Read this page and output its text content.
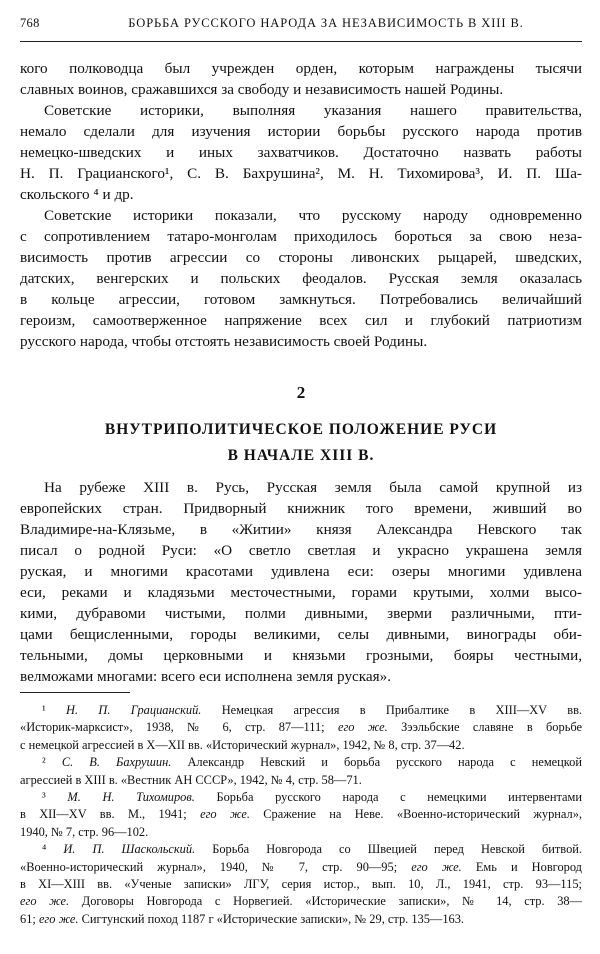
768	БОРЬБА РУССКОГО НАРОДА ЗА НЕЗАВИСИМОСТЬ В XIII В.
кого полководца был учрежден орден, которым награждены тысячи
славных воинов, сражавшихся за свободу и независимость нашей Родины.
Советские историки, выполняя указания нашего правительства,
немало сделали для изучения истории борьбы русского народа против
немецко-шведских и иных захватчиков. Достаточно назвать работы
Н. П. Грацианского¹, С. В. Бахрушина², М. Н. Тихомирова³, И. П. Ша-
скольского ⁴ и др.
Советские историки показали, что русскому народу одновременно
с сопротивлением татаро-монголам приходилось бороться за свою неза-
висимость против агрессии со стороны ливонских рыцарей, шведских,
датских, венгерских и польских феодалов. Русская земля оказалась
в кольце агрессии, готовом замкнуться. Потребовались величайший
героизм, самоотверженное напряжение всех сил и глубокий патриотизм
русского народа, чтобы отстоять независимость своей Родины.
2
ВНУТРИПОЛИТИЧЕСКОЕ ПОЛОЖЕНИЕ РУСИ
В НАЧАЛЕ XIII В.
На рубеже XIII в. Русь, Русская земля была самой крупной из
европейских стран. Придворный книжник того времени, живший во
Владимире-на-Клязьме, в «Житии» князя Александра Невского так
писал о родной Руси: «О светло светлая и украсно украшена земля
руская, и многими красотами удивлена еси: озеры многими удивлена
еси, реками и кладязьми месточестными, горами крутыми, холми высо-
кими, дубравоми чистыми, полми дивными, зверми различными, пти-
цами бещисленными, городы великими, селы дивными, винограды оби-
тельными, домы церковными и князьми грозными, бояры честными,
велможами многами: всего еси исполнена земля руская».
¹ Н. П. Грацианский. Немецкая агрессия в Прибалтике в XIII—XV вв.
«Историк-марксист», 1938, № 6, стр. 87—111; его же. Зээльбские славяне в борьбе
с немецкой агрессией в X—XII вв. «Исторический журнал», 1942, № 8, стр. 37—42.
² С. В. Бахрушин. Александр Невский и борьба русского народа с немецкой
агрессией в XIII в. «Вестник АН СССР», 1942, № 4, стр. 58—71.
³ М. Н. Тихомиров. Борьба русского народа с немецкими интервентами
в XII—XV вв. М., 1941; его же. Сражение на Неве. «Военно-исторический журнал»,
1940, № 7, стр. 96—102.
⁴ И. П. Шаскольский. Борьба Новгорода со Швецией перед Невской битвой.
«Военно-исторический журнал», 1940, № 7, стр. 90—95; его же. Емь и Новгород
в XI—XIII вв. «Ученые записки» ЛГУ, серия истор., вып. 10, Л., 1941, стр. 93—115;
его же. Договоры Новгорода с Норвегией. «Исторические записки», № 14, стр. 38—
61; его же. Сигтунский поход 1187 г «Исторические записки», № 29, стр. 135—163.
